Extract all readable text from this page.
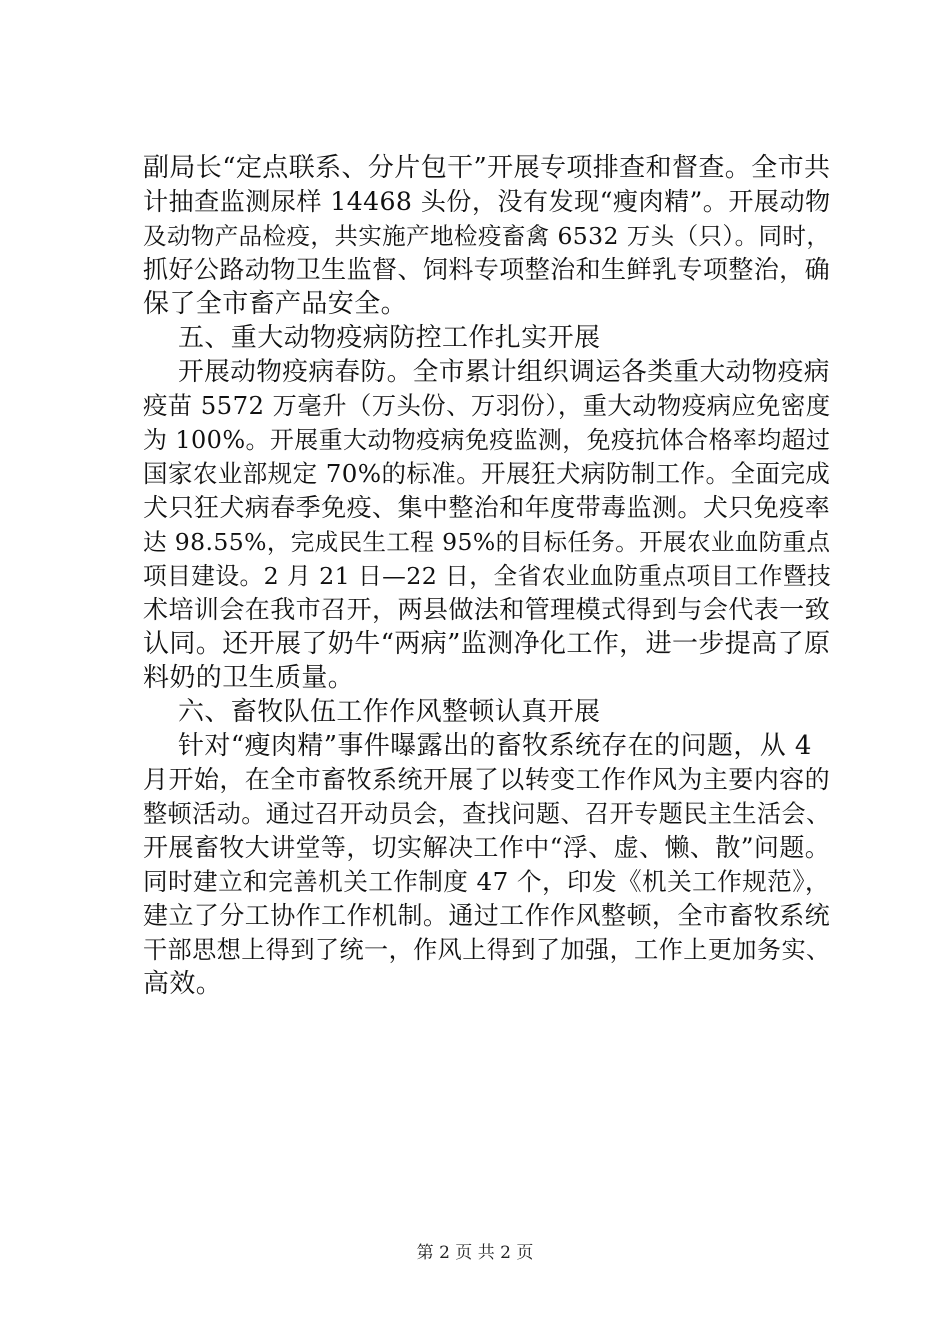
副局长“定点联系、分片包干”开展专项排查和督查。全市共
计抽查监测尿样 14468 头份，没有发现“瘦肉精”。开展动物
及动物产品检疫，共实施产地检疫畜禽 6532 万头（只）。同时，
抓好公路动物卫生监督、饲料专项整治和生鲜乳专项整治，确
保了全市畜产品安全。
五、重大动物疫病防控工作扎实开展
开展动物疫病春防。全市累计组织调运各类重大动物疫病
疫苗 5572 万毫升（万头份、万羽份），重大动物疫病应免密度
为 100%。开展重大动物疫病免疫监测，免疫抗体合格率均超过
国家农业部规定 70%的标准。开展狂犬病防制工作。全面完成
犬只狂犬病春季免疫、集中整治和年度带毒监测。犬只免疫率
达 98.55%，完成民生工程 95%的目标任务。开展农业血防重点
项目建设。2 月 21 日—22 日，全省农业血防重点项目工作暨技
术培训会在我市召开，两县做法和管理模式得到与会代表一致
认同。还开展了奶牛“两病”监测净化工作，进一步提高了原
料奶的卫生质量。
六、畜牧队伍工作作风整顿认真开展
针对“瘦肉精”事件曝露出的畜牧系统存在的问题，从 4
月开始，在全市畜牧系统开展了以转变工作作风为主要内容的
整顿活动。通过召开动员会，查找问题、召开专题民主生活会、
开展畜牧大讲堂等，切实解决工作中“浮、虚、懒、散”问题。
同时建立和完善机关工作制度 47 个，印发《机关工作规范》，
建立了分工协作工作机制。通过工作作风整顿，全市畜牧系统
干部思想上得到了统一，作风上得到了加强，工作上更加务实、
高效。
第 2 页 共 2 页
